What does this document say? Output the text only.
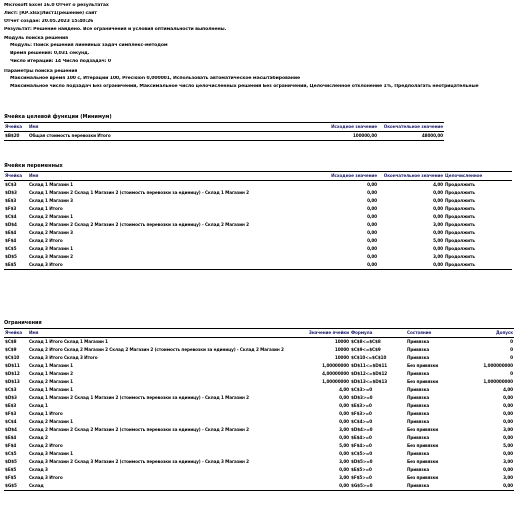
Microsoft Excel 16.0 Отчет о результатах
Лист: [КР.xlsx]Лист1(решение) сайт
Отчет создан: 20.05.2023 15:40:26
Результат: Решение найдено. Все ограничения и условия оптимальности выполнены.
Модуль поиска решения
Модуль: Поиск решения линейных задач симплекс-методом
Время решения: 0,031 секунд.
Число итераций: 14 Число подзадач: 0
Параметры поиска решения
Максимальное время 100 с, Итерации 100, Precision 0,000001, Использовать автоматическое масштабирование
Максимальное число подзадач Без ограничений, Максимальное число целочисленных решений Без ограничений, Целочисленное отклонение 1%, Предполагать неотрицательные
Ячейка целевой функции (Минимум)
Ячейка	Имя	Исходное значение	Окончательное значение
$B$20	Общая стоимость перевозки Итого	100000,00	48000,00
Ячейки переменных
Ячейка	Имя	Исходное значение	Окончательное значение	Целочисленное
$C$3	Склад 1 Магазин 1	0,00	4,00	Продолжить
$D$3	Склад 1 Магазин 2 Склад 1 Магазин 2 (стоимость перевозки за единицу) - Склад 1 Магазин 2	0,00	0,00	Продолжить
$E$3	Склад 1 Магазин 3	0,00	0,00	Продолжить
$F$3	Склад 1 Итого	0,00	0,00	Продолжить
$C$4	Склад 2 Магазин 1	0,00	0,00	Продолжить
$D$4	Склад 2 Магазин 2 Склад 2 Магазин 2 (стоимость перевозки за единицу) - Склад 2 Магазин 2	0,00	3,00	Продолжить
$E$4	Склад 2 Магазин 3	0,00	0,00	Продолжить
$F$4	Склад 2 Итого	0,00	5,00	Продолжить
$C$5	Склад 3 Магазин 1	0,00	0,00	Продолжить
$D$5	Склад 3 Магазин 2	0,00	3,00	Продолжить
$E$5	Склад 3 Итого	0,00	0,00	Продолжить
Ограничения
Ячейка	Имя	Значение ячейки	Формула	Состояние	Допуск
$C$8	Склад 1 Итого Склад 1 Магазин 1	10000	$C$8<=$C$8	Привязка	0
$C$9	Склад 2 Итого Склад 2 Магазин 2 Склад 2 Магазин 2 (стоимость перевозки за единицу) - Склад 2 Магазин 2	10000	$C$9<=$C$9	Привязка	0
$C$10	Склад 3 Итого Склад 3 Итого	10000	$C$10<=$C$10	Привязка	0
$D$11	Склад 1 Магазин 1	1,00000000	$D$11<=$D$11	Без привязки	1,000000000
$D$12	Склад 1 Магазин 2	4,00000000	$D$12<=$D$12	Привязка	0
$D$13	Склад 2 Магазин 1	1,00000000	$D$13<=$D$13	Без привязки	1,000000000
$C$3	Склад 1 Магазин 1	4,00	$C$3>=0	Привязка	4,00
$D$3	Склад 1 Магазин 2 Склад 1 Магазин 2 (стоимость перевозки за единицу) - Склад 1 Магазин 2	0,00	$D$3>=0	Привязка	0,00
$E$3	Склад 1	0,00	$E$3>=0	Привязка	0,00
$F$3	Склад 1 Итого	0,00	$F$3>=0	Привязка	0,00
$C$4	Склад 2 Магазин 1	0,00	$C$4>=0	Привязка	0,00
$D$4	Склад 2 Магазин 2 Склад 2 Магазин 2 (стоимость перевозки за единицу) - Склад 2 Магазин 2	3,00	$D$4>=0	Без привязки	3,00
$E$4	Склад 2	0,00	$E$4>=0	Привязка	0,00
$F$4	Склад 2 Итого	5,00	$F$4>=0	Без привязки	5,00
$C$5	Склад 3 Магазин 1	0,00	$C$5>=0	Привязка	0,00
$D$5	Склад 3 Магазин 2 Склад 3 Магазин 2 (стоимость перевозки за единицу) - Склад 3 Магазин 2	3,00	$D$5>=0	Без привязки	3,00
$E$5	Склад 3	0,00	$E$5>=0	Привязка	0,00
$F$5	Склад 3 Итого	3,00	$F$5>=0	Без привязки	3,00
$G$5	Склад	0,00	$G$5>=0	Привязка	0,00
